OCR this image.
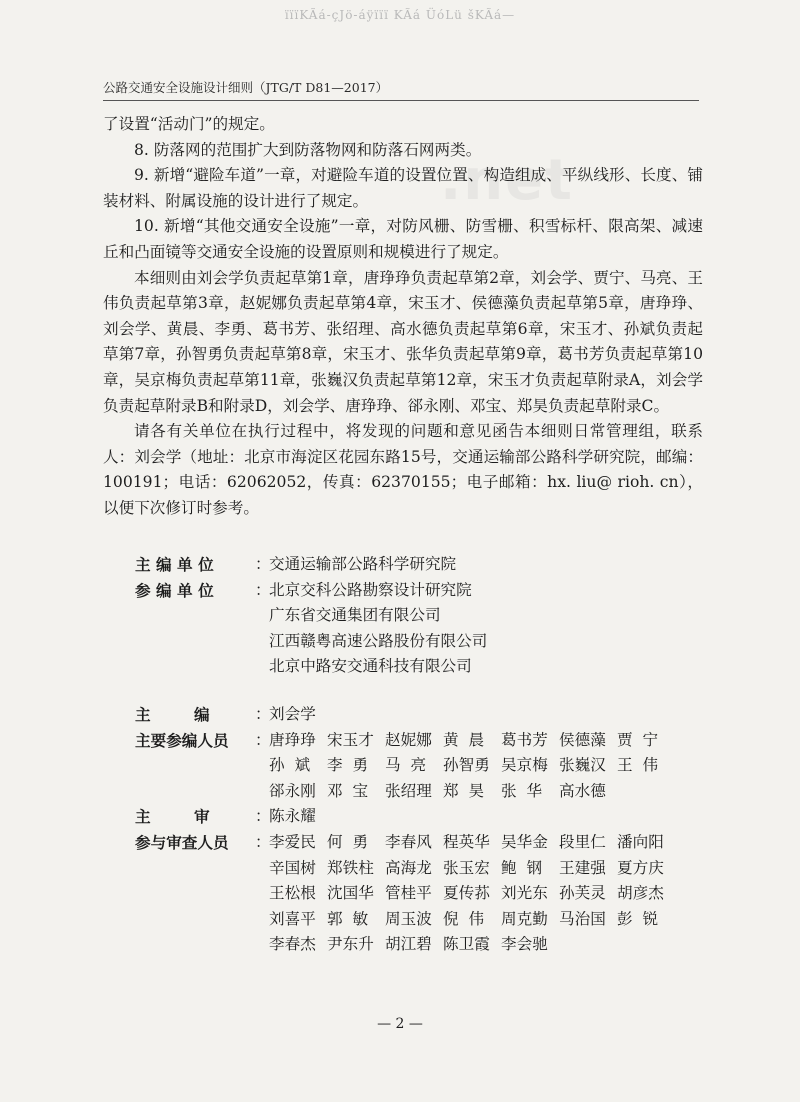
ïïïKÃá-çJö-áÿïïï KÃá ÜóLü šKÃá—
公路交通安全设施设计细则（JTG/T D81—2017）
.net

了设置“活动门”的规定。

8. 防落网的范围扩大到防落物网和防落石网两类。

9. 新增“避险车道”一章，对避险车道的设置位置、构造组成、平纵线形、长度、铺装材料、附属设施的设计进行了规定。

10. 新增“其他交通安全设施”一章，对防风栅、防雪栅、积雪标杆、限高架、减速丘和凸面镜等交通安全设施的设置原则和规模进行了规定。

本细则由刘会学负责起草第1章，唐琤琤负责起草第2章，刘会学、贾宁、马亮、王伟负责起草第3章，赵妮娜负责起草第4章，宋玉才、侯德藻负责起草第5章，唐琤琤、刘会学、黄晨、李勇、葛书芳、张绍理、高水德负责起草第6章，宋玉才、孙斌负责起草第7章，孙智勇负责起草第8章，宋玉才、张华负责起草第9章，葛书芳负责起草第10章，吴京梅负责起草第11章，张巍汉负责起草第12章，宋玉才负责起草附录A，刘会学负责起草附录B和附录D，刘会学、唐琤琤、郤永刚、邓宝、郑昊负责起草附录C。

请各有关单位在执行过程中，将发现的问题和意见函告本细则日常管理组，联系人：刘会学（地址：北京市海淀区花园东路15号，交通运输部公路科学研究院，邮编：100191；电话：62062052，传真：62370155；电子邮箱：hx. liu@ rioh. cn），以便下次修订时参考。

主 编 单 位	：
交通运输部公路科学研究院
参 编 单 位	：
北京交科公路勘察设计研究院
广东省交通集团有限公司
江西赣粤高速公路股份有限公司
北京中路安交通科技有限公司
主        编	：
刘会学
主要参编人员	：
唐琤琤 宋玉才 赵妮娜 黄  晨	葛书芳 侯德藻 贾  宁
孙  斌	李  勇	马  亮	孙智勇 吴京梅 张巍汉 王  伟
郤永刚 邓  宝	张绍理 郑  昊	张  华	高水德
主        审	：
陈永耀
参与审查人员	：
李爱民 何  勇	李春风 程英华 吴华金 段里仁 潘向阳
辛国树 郑铁柱 高海龙 张玉宏 鲍  钢	王建强 夏方庆
王松根 沈国华 管桂平 夏传荪 刘光东 孙芙灵 胡彦杰
刘喜平 郭  敏	周玉波 倪  伟	周克勤 马治国 彭  锐
李春杰 尹东升 胡江碧 陈卫霞 李会驰
— 2 —
